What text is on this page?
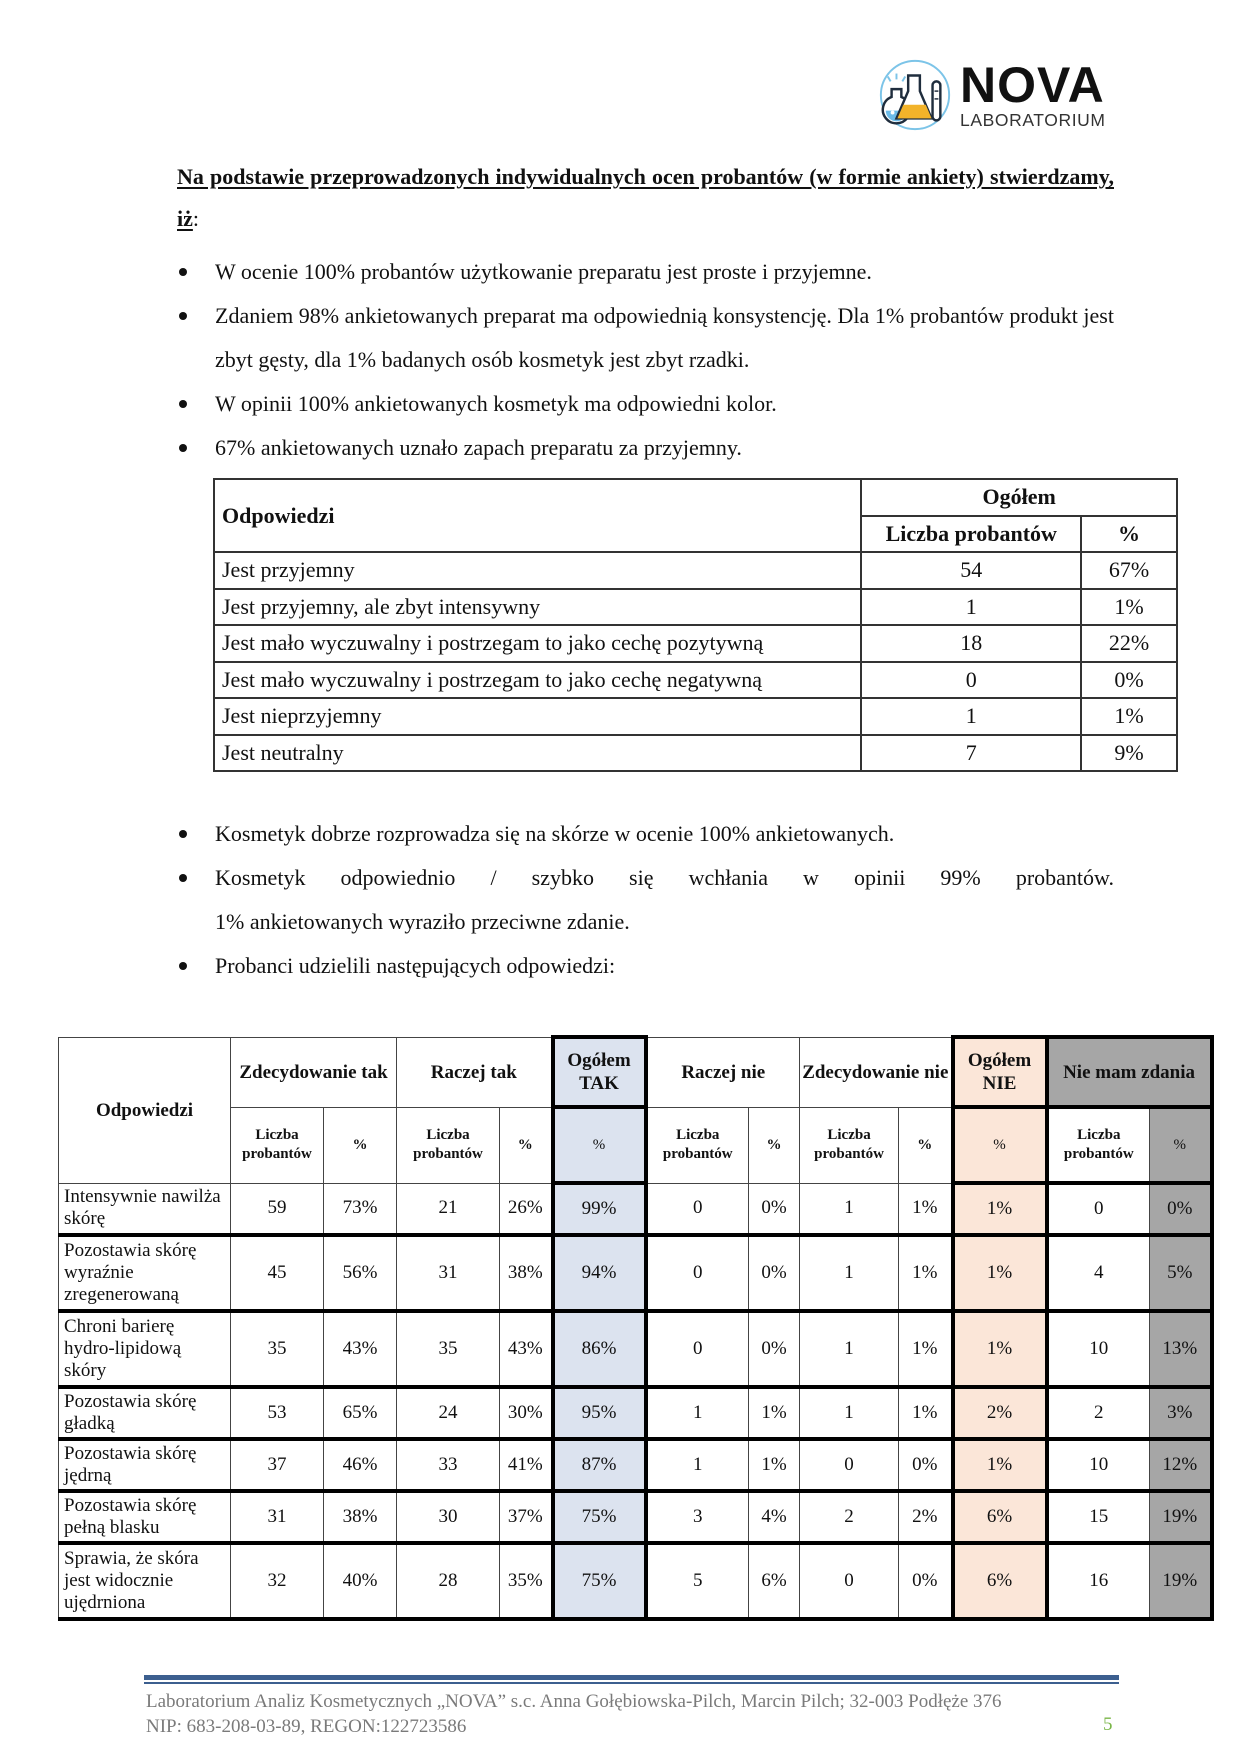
NOVA
LABORATORIUM

Na podstawie przeprowadzonych indywidualnych ocen probantów (w formie ankiety) stwierdzamy, iż:

W ocenie 100% probantów użytkowanie preparatu jest proste i przyjemne.
Zdaniem 98% ankietowanych preparat ma odpowiednią konsystencję. Dla 1% probantów produkt jest zbyt gęsty, dla 1% badanych osób kosmetyk jest zbyt rzadki.
W opinii 100% ankietowanych kosmetyk ma odpowiedni kolor.
67% ankietowanych uznało zapach preparatu za przyjemny.
Odpowiedzi	Ogółem	
	Liczba probantów	%
Jest przyjemny	54	67%
Jest przyjemny, ale zbyt intensywny	1	1%
Jest mało wyczuwalny i postrzegam to jako cechę pozytywną	18	22%
Jest mało wyczuwalny i postrzegam to jako cechę negatywną	0	0%
Jest nieprzyjemny	1	1%
Jest neutralny	7	9%
Kosmetyk dobrze rozprowadza się na skórze w ocenie 100% ankietowanych.
Kosmetyk odpowiednio / szybko się wchłania w opinii 99% probantów.
1% ankietowanych wyraziło przeciwne zdanie.
Probanci udzielili następujących odpowiedzi:
Odpowiedzi	Zdecydowanie tak		Raczej tak		Ogółem TAK	Raczej nie		Zdecydowanie nie		Ogółem NIE	Nie mam zdania	
	Liczba probantów	%	Liczba probantów	%	%	Liczba probantów	%	Liczba probantów	%	%	Liczba probantów	%
Intensywnie nawilża skórę	59	73%	21	26%	99%	0	0%	1	1%	1%	0	0%
Pozostawia skórę wyraźnie zregenerowaną	45	56%	31	38%	94%	0	0%	1	1%	1%	4	5%
Chroni barierę hydro-lipidową skóry	35	43%	35	43%	86%	0	0%	1	1%	1%	10	13%
Pozostawia skórę gładką	53	65%	24	30%	95%	1	1%	1	1%	2%	2	3%
Pozostawia skórę jędrną	37	46%	33	41%	87%	1	1%	0	0%	1%	10	12%
Pozostawia skórę pełną blasku	31	38%	30	37%	75%	3	4%	2	2%	6%	15	19%
Sprawia, że skóra jest widocznie ujędrniona	32	40%	28	35%	75%	5	6%	0	0%	6%	16	19%
Laboratorium Analiz Kosmetycznych „NOVA” s.c. Anna Gołębiowska-Pilch, Marcin Pilch; 32-003 Podłęże 376
NIP: 683-208-03-89, REGON:122723586	5
